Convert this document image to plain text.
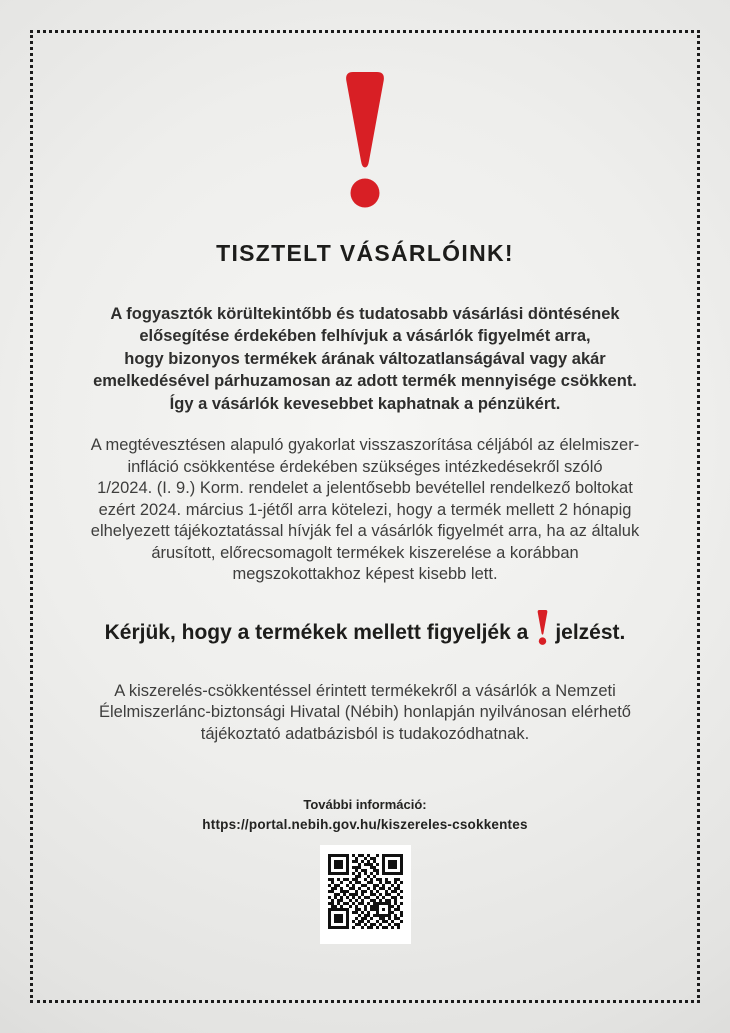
TISZTELT VÁSÁRLÓINK!
A fogyasztók körültekintőbb és tudatosabb vásárlási döntésének
elősegítése érdekében felhívjuk a vásárlók figyelmét arra,
hogy bizonyos termékek árának változatlanságával vagy akár
emelkedésével párhuzamosan az adott termék mennyisége csökkent.
Így a vásárlók kevesebbet kaphatnak a pénzükért.
A megtévesztésen alapuló gyakorlat visszaszorítása céljából az élelmiszer-
infláció csökkentése érdekében szükséges intézkedésekről szóló
1/2024. (I. 9.) Korm. rendelet a jelentősebb bevétellel rendelkező boltokat
ezért 2024. március 1-jétől arra kötelezi, hogy a termék mellett 2 hónapig
elhelyezett tájékoztatással hívják fel a vásárlók figyelmét arra, ha az általuk
árusított, előrecsomagolt termékek kiszerelése a korábban
megszokottakhoz képest kisebb lett.
Kérjük, hogy a termékek mellett figyeljék a jelzést.
A kiszerelés-csökkentéssel érintett termékekről a vásárlók a Nemzeti
Élelmiszerlánc-biztonsági Hivatal (Nébih) honlapján nyilvánosan elérhető
tájékoztató adatbázisból is tudakozódhatnak.
További információ:
https://portal.nebih.gov.hu/kiszereles-csokkentes
